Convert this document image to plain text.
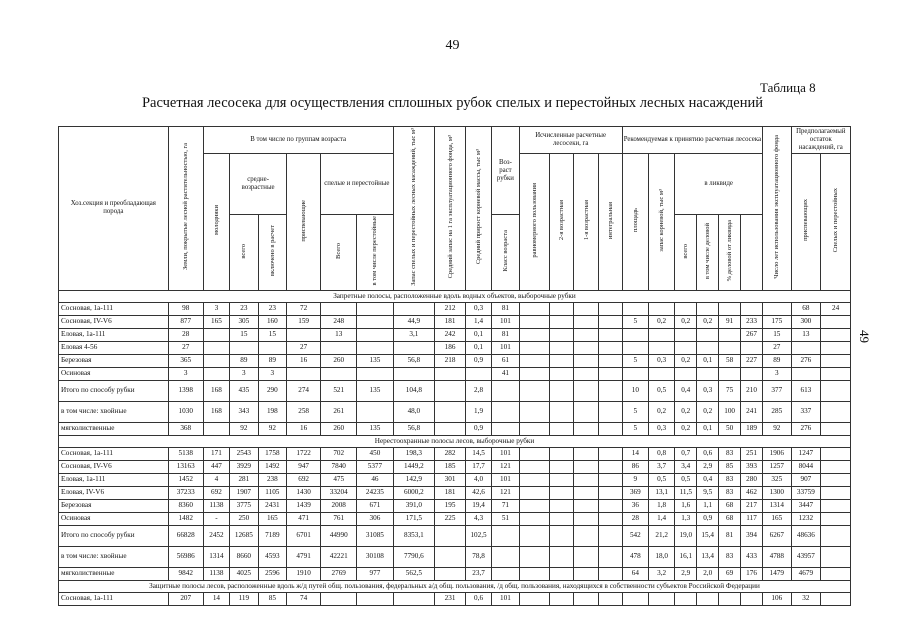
49
49
Таблица 8
Расчетная лесосека для осуществления сплошных рубок спелых и перестойных лесных насаждений
Хоз.секция и преобладающая порода	Земли, покрытые лесной растительностью, га	В том числе по группам возраста						Запас спелых и перестойных лесных насаждений, тыс м³	Средний запас на 1 га эксплуатационного фонда, м³	Средний прирост корневой массы, тыс м³	Воз-раст рубки	Исчисленные расчетные лесосеки, га				Рекомендуемая к принятию расчетная лесосека						Число лет использования эксплуатационного фонда	Предполагаемый остаток насаждений, га	
		молодняки	средне-возрастные		приспевающие	спелые и перестойные						равномерного пользования	2-я возрастная	1-я возрастная	интегральная	площадь	запас корневой, тыс м³	в ликвиде					приспевающих	Спелых и перестойных
			всего	включено в расчет		Всего	в том числе перестойные				Класс возраста							всего	в том числе деловой	% деловой от ликвида				
Запретные полосы, расположенные вдоль водных объектов, выборочные рубки																								
Сосновая, 1а-111	98	3	23	23	72				212	0,3	81												68	24
Сосновая, IV-V6	877	165	305	160	159	248		44,9	181	1,4	101					5	0,2	0,2	0,2	91	233	175	300	
Еловая, 1а-111	28		15	15		13		3,1	242	0,1	81										267	15	13	
Еловая 4-56	27				27				186	0,1	101											27		
Березовая	365		89	89	16	260	135	56,8	218	0,9	61					5	0,3	0,2	0,1	58	227	89	276	
Осиновая	3		3	3							41											3		
Итого по способу рубки	1398	168	435	290	274	521	135	104,8		2,8						10	0,5	0,4	0,3	75	210	377	613	
в том числе: хвойные	1030	168	343	198	258	261		48,0		1,9						5	0,2	0,2	0,2	100	241	285	337	
мягколиственные	368		92	92	16	260	135	56,8		0,9						5	0,3	0,2	0,1	50	189	92	276	
Нерестоохранные полосы лесов, выборочные рубки																								
Сосновая, 1а-111	5138	171	2543	1758	1722	702	450	198,3	282	14,5	101					14	0,8	0,7	0,6	83	251	1906	1247	
Сосновая, IV-V6	13163	447	3929	1492	947	7840	5377	1449,2	185	17,7	121					86	3,7	3,4	2,9	85	393	1257	8044	
Еловая, 1а-111	1452	4	281	238	692	475	46	142,9	301	4,0	101					9	0,5	0,5	0,4	83	280	325	907	
Еловая, IV-V6	37233	692	1907	1105	1430	33204	24235	6000,2	181	42,6	121					369	13,1	11,5	9,5	83	462	1300	33759	
Березовая	8360	1138	3775	2431	1439	2008	671	391,0	195	19,4	71					36	1,8	1,6	1,1	68	217	1314	3447	
Осиновая	1482	-	250	165	471	761	306	171,5	225	4,3	51					28	1,4	1,3	0,9	68	117	165	1232	
Итого по способу рубки	66828	2452	12685	7189	6701	44990	31085	8353,1		102,5						542	21,2	19,0	15,4	81	394	6267	48636	
в том числе: хвойные	56986	1314	8660	4593	4791	42221	30108	7790,6		78,8						478	18,0	16,1	13,4	83	433	4788	43957	
мягколиственные	9842	1138	4025	2596	1910	2769	977	562,5		23,7						64	3,2	2,9	2,0	69	176	1479	4679	
Защитные полосы лесов, расположенные вдоль ж/д путей общ. пользования, федеральных а/д общ. пользования, /д общ. пользования, находящихся в собственности субъектов Российской Федерации																								
Сосновая, 1а-111	207	14	119	85	74				231	0,6	101											106	32	
